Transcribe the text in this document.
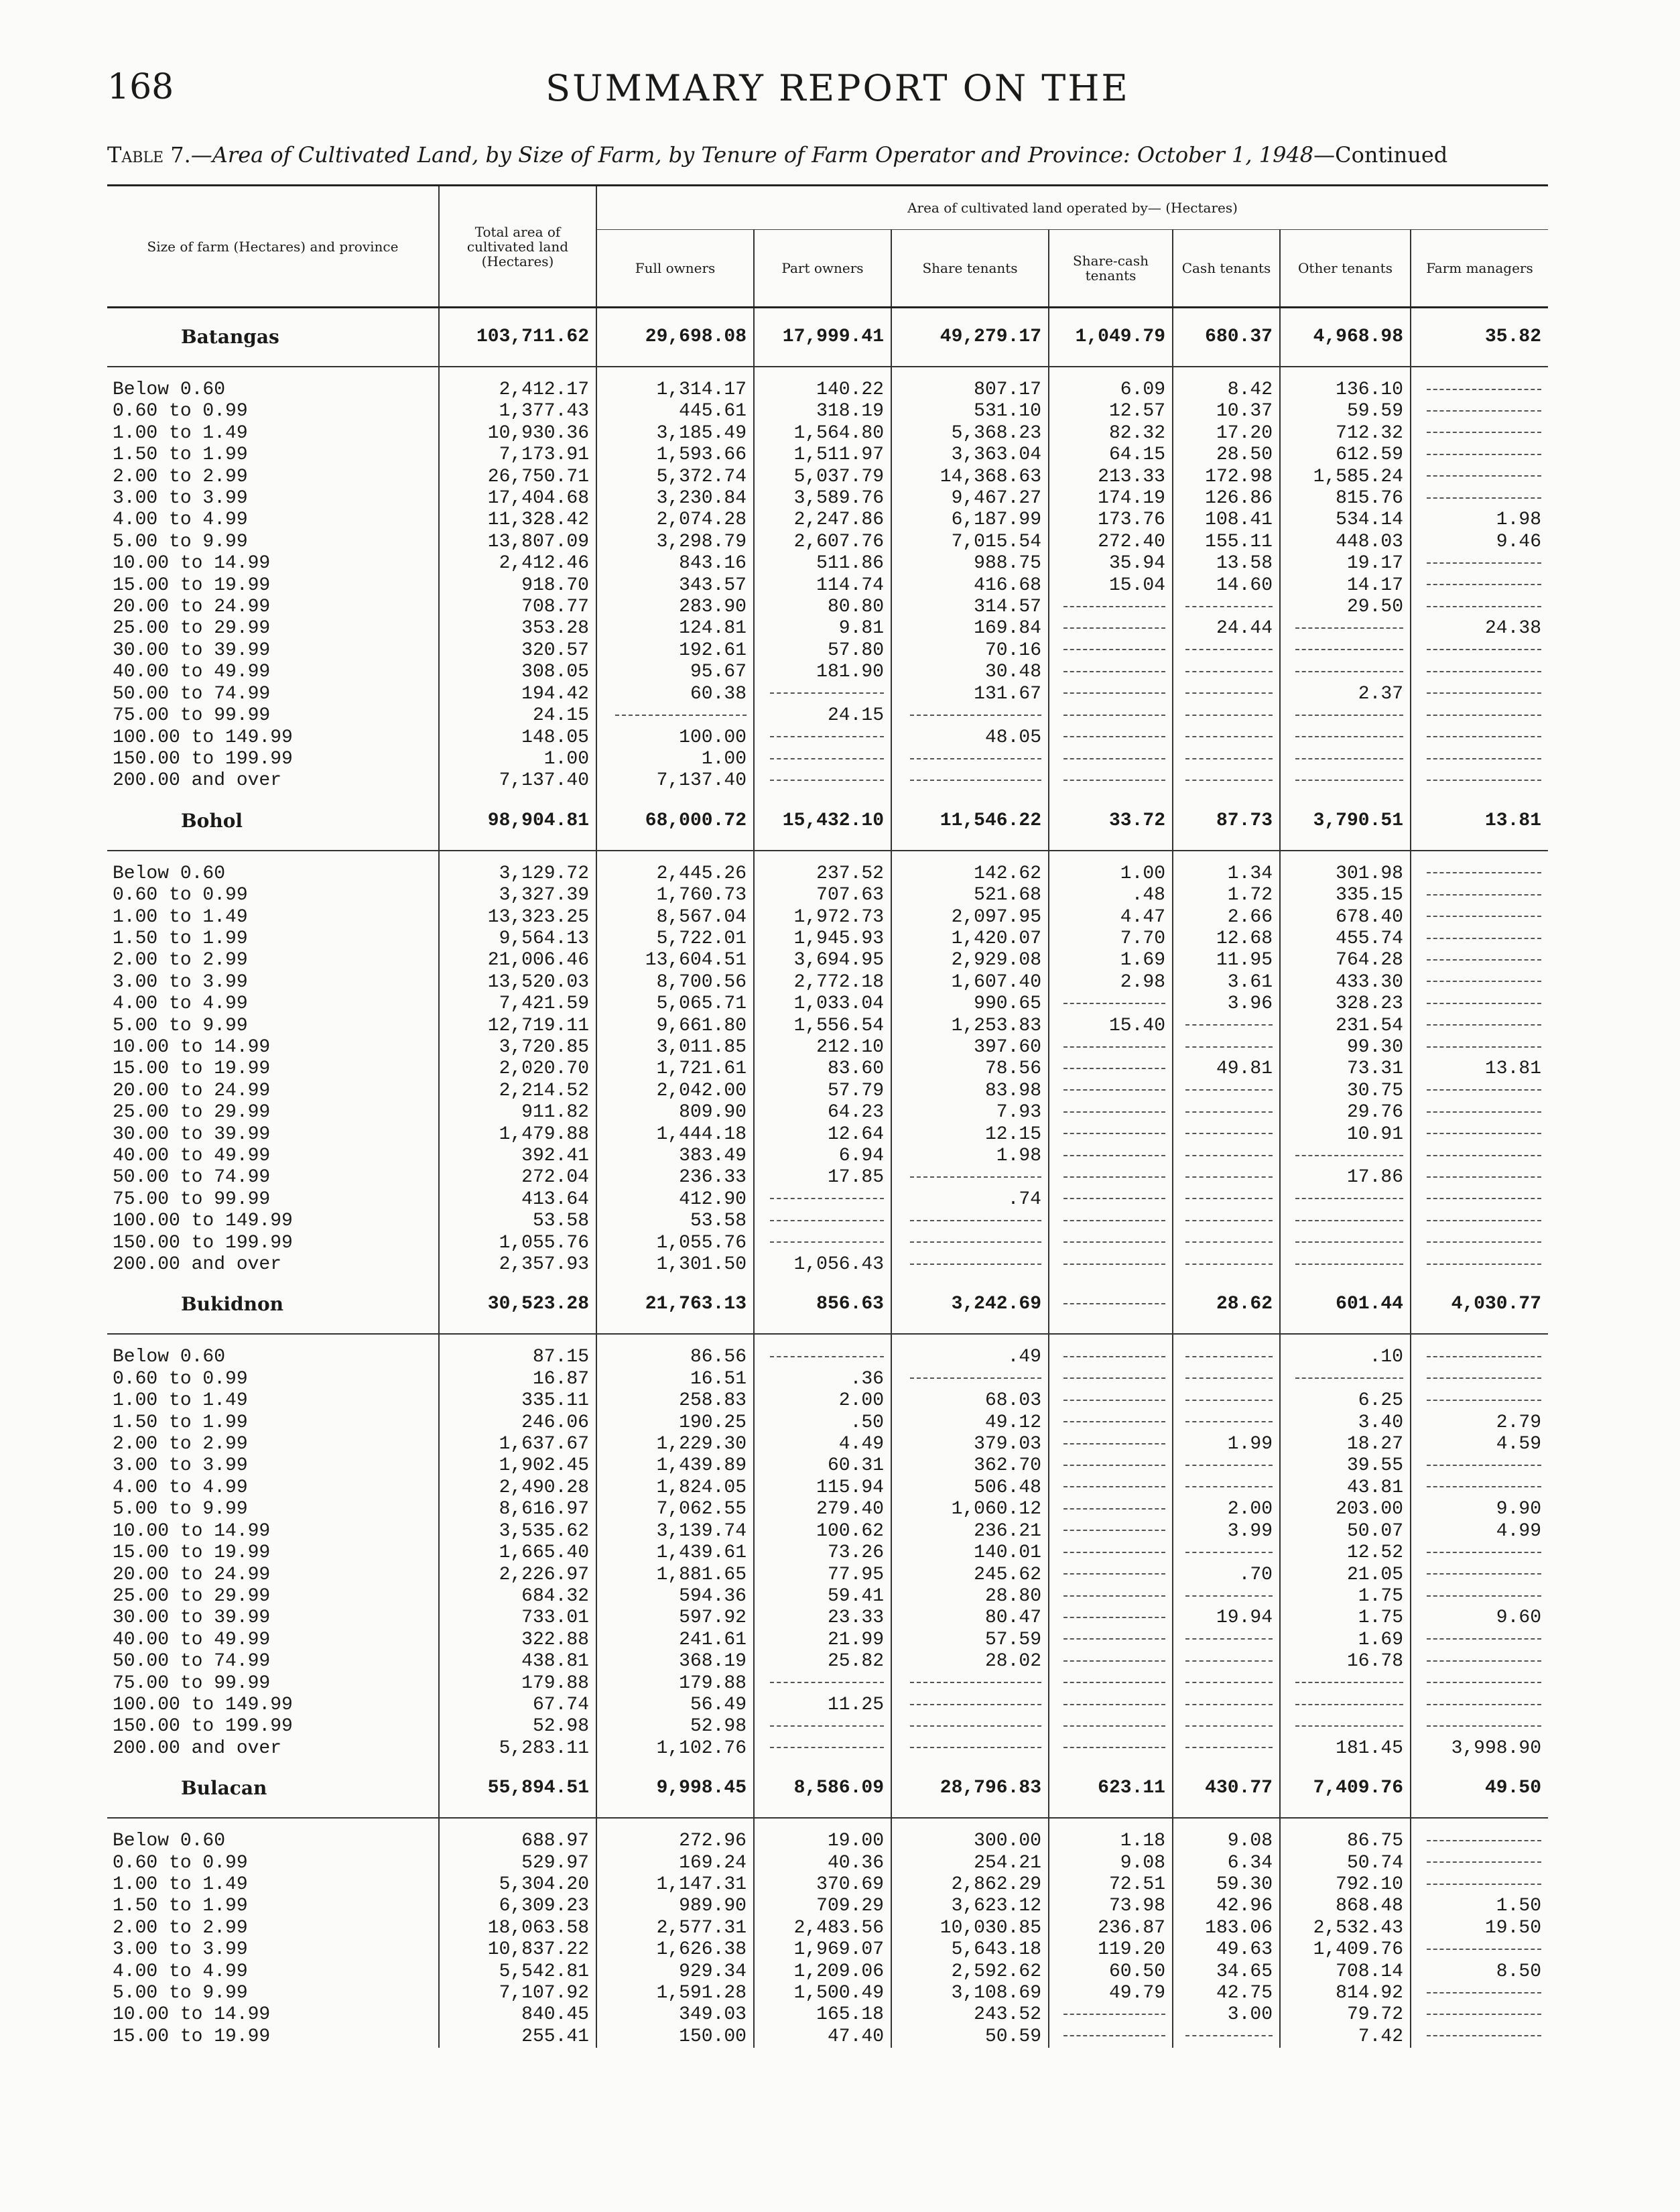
SUMMARY REPORT ON THE
168
Table 7.—Area of Cultivated Land, by Size of Farm, by Tenure of Farm Operator and Province: October 1, 1948—Continued
Size of farm (Hectares) and province	Total area of cultivated land (Hectares)	Area of cultivated land operated by— (Hectares)						
		Full owners	Part owners	Share tenants	Share-cash tenants	Cash tenants	Other tenants	Farm managers
Batangas	103,711.62	29,698.08	17,999.41	49,279.17	1,049.79	680.37	4,968.98	35.82

Below 0.60	2,412.17	1,314.17	140.22	807.17	6.09	8.42	136.10	
0.60 to 0.99	1,377.43	445.61	318.19	531.10	12.57	10.37	59.59	
1.00 to 1.49	10,930.36	3,185.49	1,564.80	5,368.23	82.32	17.20	712.32	
1.50 to 1.99	7,173.91	1,593.66	1,511.97	3,363.04	64.15	28.50	612.59	
2.00 to 2.99	26,750.71	5,372.74	5,037.79	14,368.63	213.33	172.98	1,585.24	
3.00 to 3.99	17,404.68	3,230.84	3,589.76	9,467.27	174.19	126.86	815.76	
4.00 to 4.99	11,328.42	2,074.28	2,247.86	6,187.99	173.76	108.41	534.14	1.98
5.00 to 9.99	13,807.09	3,298.79	2,607.76	7,015.54	272.40	155.11	448.03	9.46
10.00 to 14.99	2,412.46	843.16	511.86	988.75	35.94	13.58	19.17	
15.00 to 19.99	918.70	343.57	114.74	416.68	15.04	14.60	14.17	
20.00 to 24.99	708.77	283.90	80.80	314.57			29.50	
25.00 to 29.99	353.28	124.81	9.81	169.84		24.44		24.38
30.00 to 39.99	320.57	192.61	57.80	70.16				
40.00 to 49.99	308.05	95.67	181.90	30.48				
50.00 to 74.99	194.42	60.38		131.67			2.37	
75.00 to 99.99	24.15		24.15					
100.00 to 149.99	148.05	100.00		48.05				
150.00 to 199.99	1.00	1.00						
200.00 and over	7,137.40	7,137.40						
Bohol	98,904.81	68,000.72	15,432.10	11,546.22	33.72	87.73	3,790.51	13.81

Below 0.60	3,129.72	2,445.26	237.52	142.62	1.00	1.34	301.98	
0.60 to 0.99	3,327.39	1,760.73	707.63	521.68	.48	1.72	335.15	
1.00 to 1.49	13,323.25	8,567.04	1,972.73	2,097.95	4.47	2.66	678.40	
1.50 to 1.99	9,564.13	5,722.01	1,945.93	1,420.07	7.70	12.68	455.74	
2.00 to 2.99	21,006.46	13,604.51	3,694.95	2,929.08	1.69	11.95	764.28	
3.00 to 3.99	13,520.03	8,700.56	2,772.18	1,607.40	2.98	3.61	433.30	
4.00 to 4.99	7,421.59	5,065.71	1,033.04	990.65		3.96	328.23	
5.00 to 9.99	12,719.11	9,661.80	1,556.54	1,253.83	15.40		231.54	
10.00 to 14.99	3,720.85	3,011.85	212.10	397.60			99.30	
15.00 to 19.99	2,020.70	1,721.61	83.60	78.56		49.81	73.31	13.81
20.00 to 24.99	2,214.52	2,042.00	57.79	83.98			30.75	
25.00 to 29.99	911.82	809.90	64.23	7.93			29.76	
30.00 to 39.99	1,479.88	1,444.18	12.64	12.15			10.91	
40.00 to 49.99	392.41	383.49	6.94	1.98				
50.00 to 74.99	272.04	236.33	17.85				17.86	
75.00 to 99.99	413.64	412.90		.74				
100.00 to 149.99	53.58	53.58						
150.00 to 199.99	1,055.76	1,055.76						
200.00 and over	2,357.93	1,301.50	1,056.43					
Bukidnon	30,523.28	21,763.13	856.63	3,242.69		28.62	601.44	4,030.77

Below 0.60	87.15	86.56		.49			.10	
0.60 to 0.99	16.87	16.51	.36					
1.00 to 1.49	335.11	258.83	2.00	68.03			6.25	
1.50 to 1.99	246.06	190.25	.50	49.12			3.40	2.79
2.00 to 2.99	1,637.67	1,229.30	4.49	379.03		1.99	18.27	4.59
3.00 to 3.99	1,902.45	1,439.89	60.31	362.70			39.55	
4.00 to 4.99	2,490.28	1,824.05	115.94	506.48			43.81	
5.00 to 9.99	8,616.97	7,062.55	279.40	1,060.12		2.00	203.00	9.90
10.00 to 14.99	3,535.62	3,139.74	100.62	236.21		3.99	50.07	4.99
15.00 to 19.99	1,665.40	1,439.61	73.26	140.01			12.52	
20.00 to 24.99	2,226.97	1,881.65	77.95	245.62		.70	21.05	
25.00 to 29.99	684.32	594.36	59.41	28.80			1.75	
30.00 to 39.99	733.01	597.92	23.33	80.47		19.94	1.75	9.60
40.00 to 49.99	322.88	241.61	21.99	57.59			1.69	
50.00 to 74.99	438.81	368.19	25.82	28.02			16.78	
75.00 to 99.99	179.88	179.88						
100.00 to 149.99	67.74	56.49	11.25					
150.00 to 199.99	52.98	52.98						
200.00 and over	5,283.11	1,102.76					181.45	3,998.90
Bulacan	55,894.51	9,998.45	8,586.09	28,796.83	623.11	430.77	7,409.76	49.50

Below 0.60	688.97	272.96	19.00	300.00	1.18	9.08	86.75	
0.60 to 0.99	529.97	169.24	40.36	254.21	9.08	6.34	50.74	
1.00 to 1.49	5,304.20	1,147.31	370.69	2,862.29	72.51	59.30	792.10	
1.50 to 1.99	6,309.23	989.90	709.29	3,623.12	73.98	42.96	868.48	1.50
2.00 to 2.99	18,063.58	2,577.31	2,483.56	10,030.85	236.87	183.06	2,532.43	19.50
3.00 to 3.99	10,837.22	1,626.38	1,969.07	5,643.18	119.20	49.63	1,409.76	
4.00 to 4.99	5,542.81	929.34	1,209.06	2,592.62	60.50	34.65	708.14	8.50
5.00 to 9.99	7,107.92	1,591.28	1,500.49	3,108.69	49.79	42.75	814.92	
10.00 to 14.99	840.45	349.03	165.18	243.52		3.00	79.72	
15.00 to 19.99	255.41	150.00	47.40	50.59			7.42	
